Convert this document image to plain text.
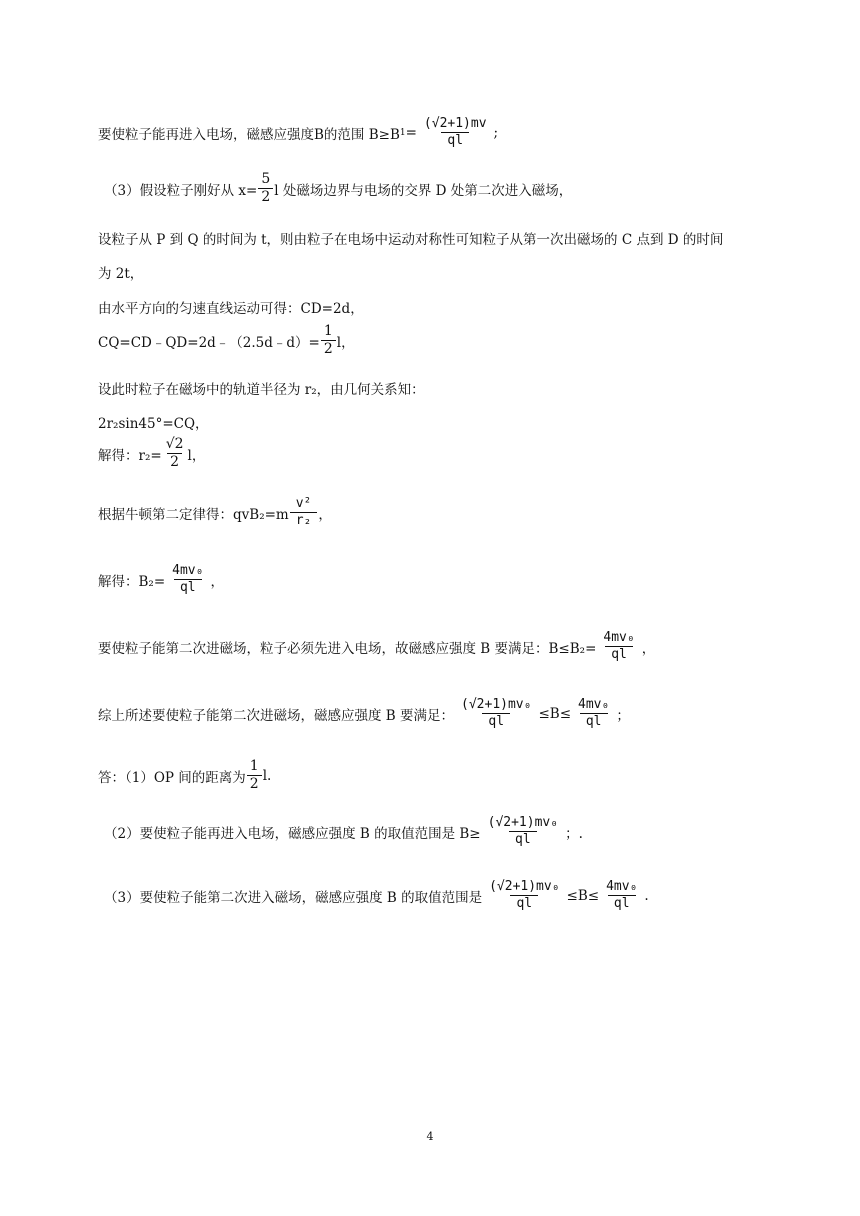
要使粒子能再进入电场，磁感应强度B的范围 B≥B $1 = \frac{(√2+1)mv}{ql}$ ;
（3）假设粒子刚好从 $x= \frac{5}{2}$ l 处磁场边界与电场的交界 D 处第二次进入磁场，
设粒子从 P 到 Q 的时间为 t，则由粒子在电场中运动对称性可知粒子从第一次出磁场的 C 点到 D 的时间
为 2t，
由水平方向的匀速直线运动可得：CD=2d，
CQ=CD﹣QD=2d﹣（2.5d﹣d）= $\frac{1}{2}$ l，
设此时粒子在磁场中的轨道半径为 r₂，由几何关系知：
2r₂sin45°=CQ，
解得：$r_2= \frac{√2}{2}$ l，
根据牛顿第二定律得：$qvB_2=m \frac{\text{v²}}{\text{r₂}}$ ，
解得：$B_2= \frac{\text{4mv₀}}{ql}$ ，
要使粒子能第二次进磁场，粒子必须先进入电场，故磁感应强度 B 要满足：$B\le B_2= \frac{\text{4mv₀}}{ql}$ ，
综上所述要使粒子能第二次进磁场，磁感应强度 B 要满足： $\frac{\text{(√2+1)mv₀}}{ql} \le B\le \frac{\text{4mv₀}}{ql}$ ；
答：（1）OP 间的距离为 $\frac{1}{2} l$.
（2）要使粒子能再进入电场，磁感应强度 B 的取值范围是 $B\ge \frac{\text{(√2+1)mv₀}}{ql}$ ；.
（3）要使粒子能第二次进入磁场，磁感应强度 B 的取值范围是 $\frac{\text{(√2+1)mv₀}}{ql} \le B\le \frac{\text{4mv₀}}{ql}$ .
4
